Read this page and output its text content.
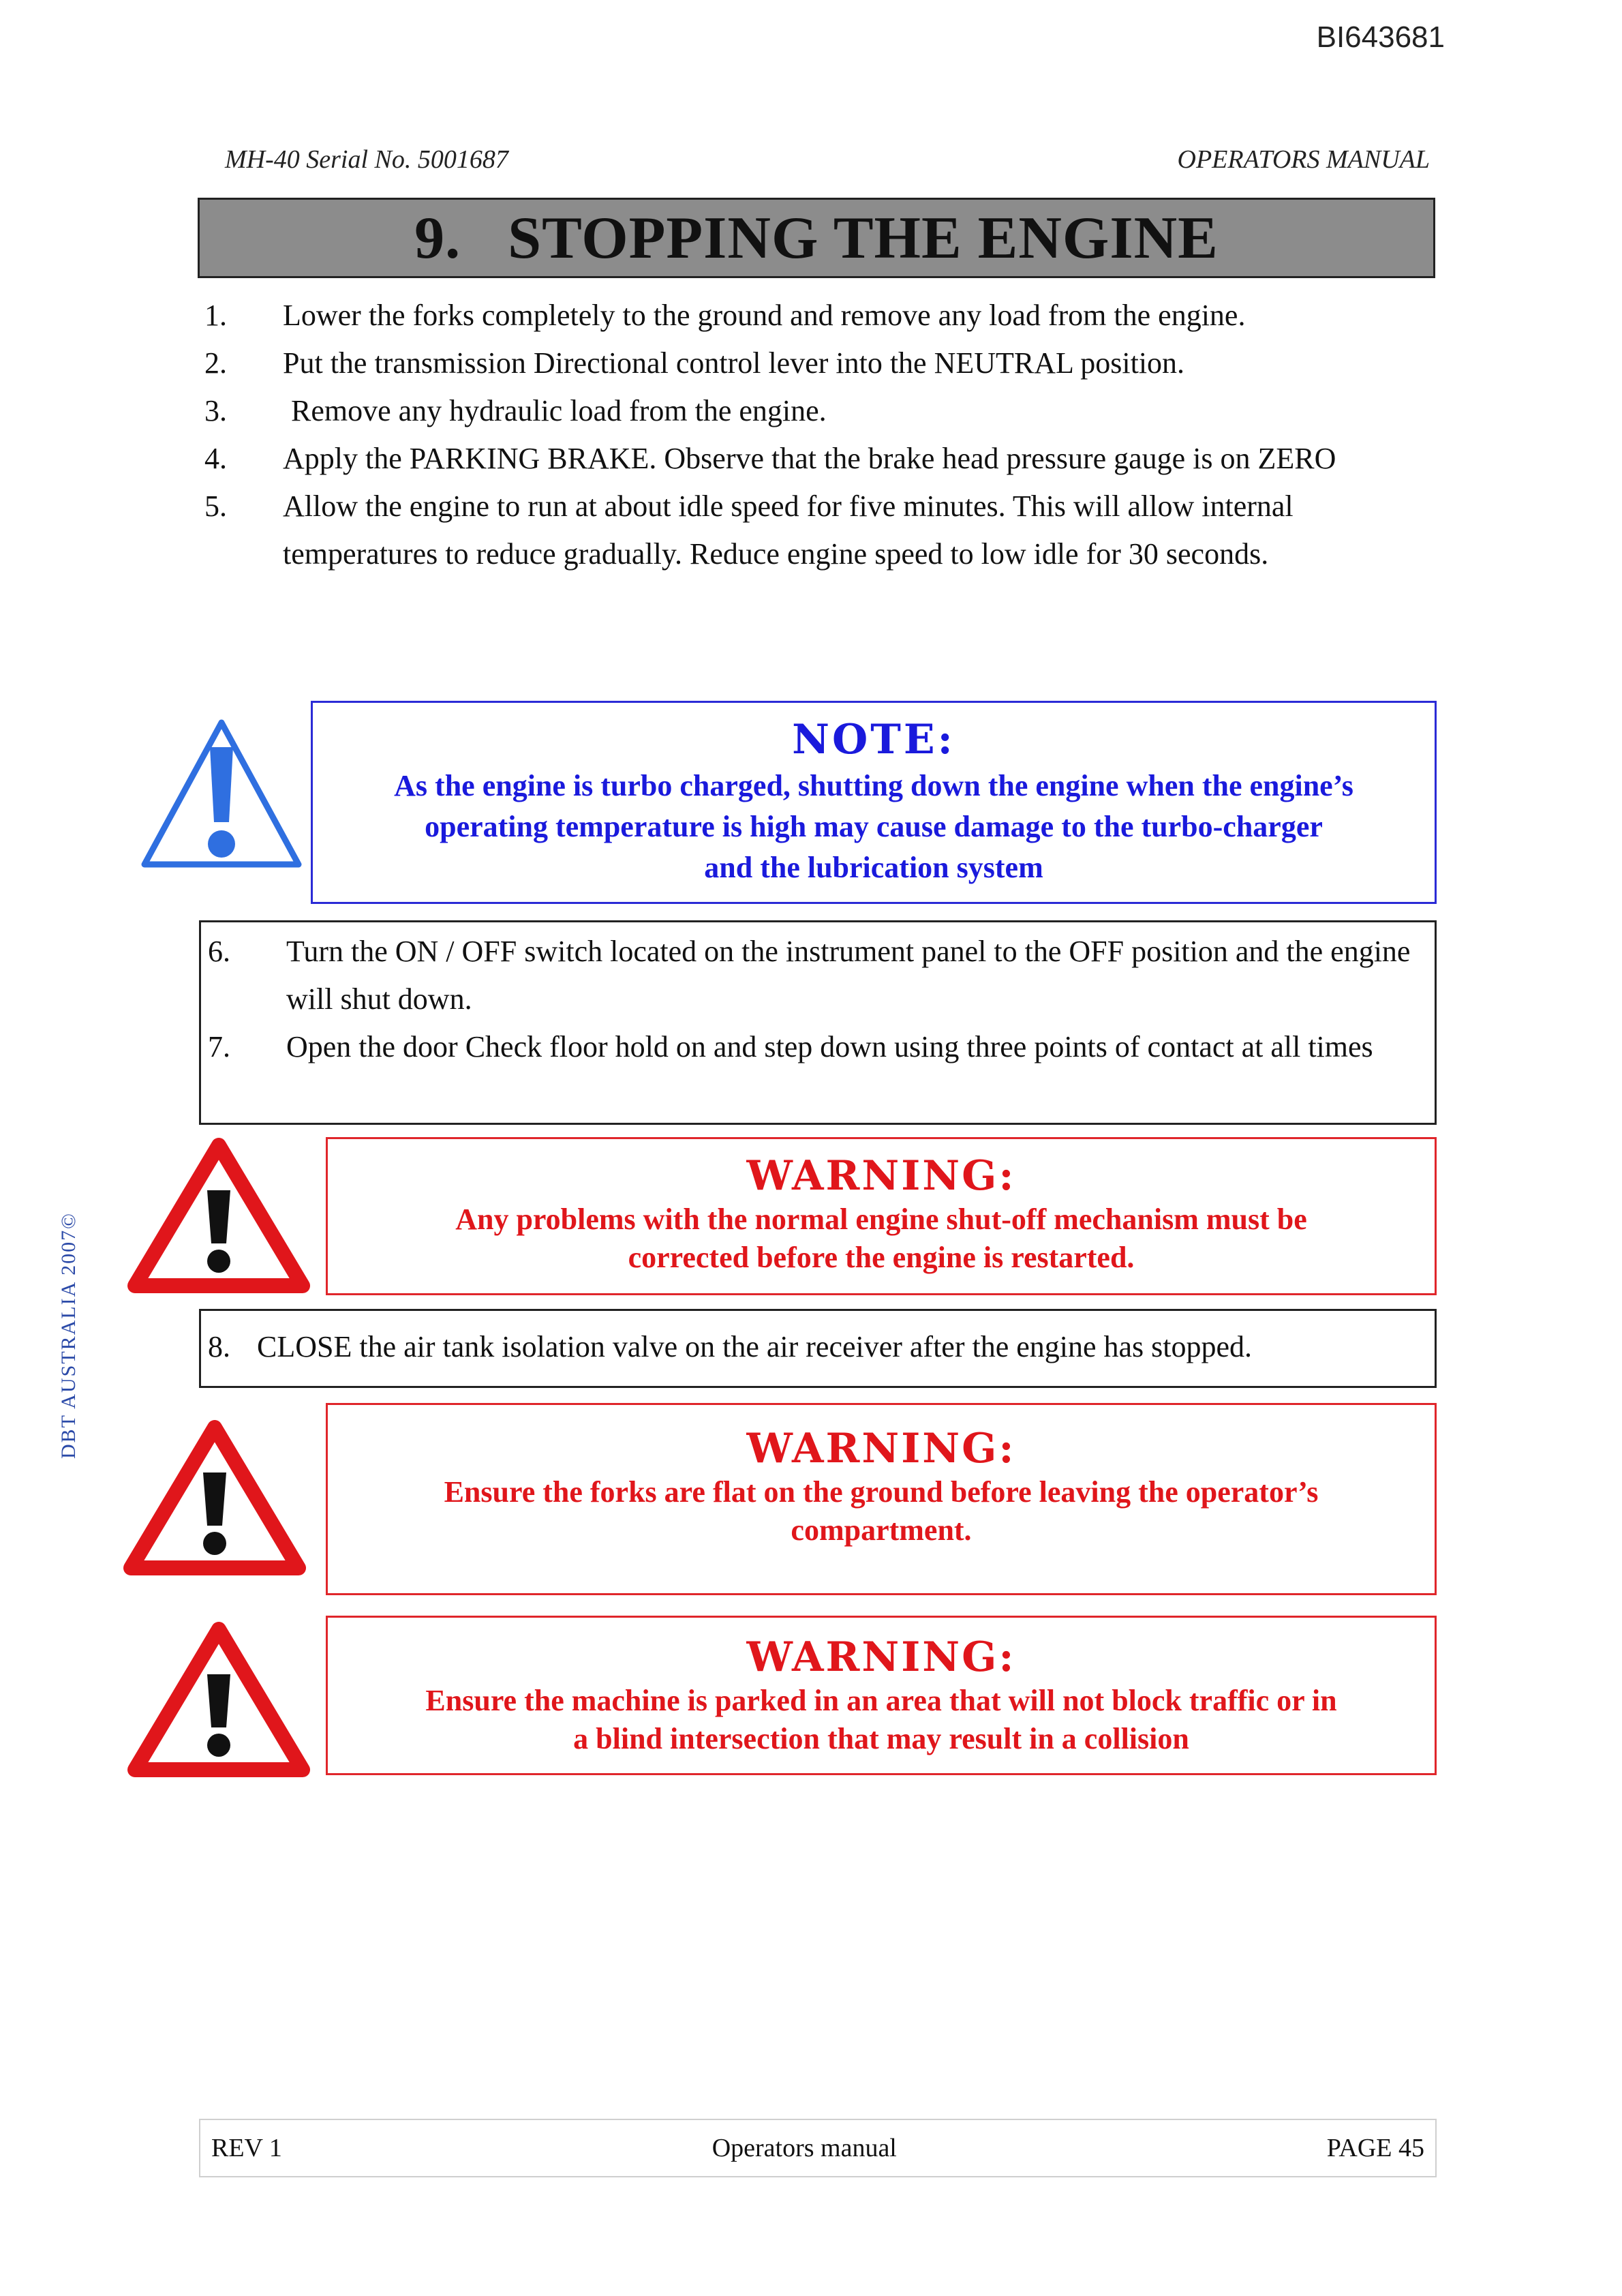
BI643681
MH-40 Serial No. 5001687	OPERATORS MANUAL
9.   STOPPING THE ENGINE
1.	Lower the forks completely to the ground and remove any load from the engine.
2.	Put the transmission Directional control lever into the NEUTRAL position.
3.	Remove any hydraulic load from the engine.
4.	Apply the PARKING BRAKE. Observe that the brake head pressure gauge is on ZERO
5.	Allow the engine to run at about idle speed for five minutes. This will allow internal temperatures to reduce gradually. Reduce engine speed to low idle for 30 seconds.
NOTE:
As the engine is turbo charged, shutting down the engine when the engine’s
operating temperature is high may cause damage to the turbo-charger
and the lubrication system
6.	Turn the ON / OFF switch located on the instrument panel to the OFF position and the engine will shut down.
7.	Open the door Check floor hold on and step down using three points of contact at all times
WARNING:
Any problems with the normal engine shut-off mechanism must be
corrected before the engine is restarted.
DBT AUSTRALIA 2007©	8. CLOSE the air tank isolation valve on the air receiver after the engine has stopped.
WARNING:
Ensure the forks are flat on the ground before leaving the operator’s
compartment.
WARNING:
Ensure the machine is parked in an area that will not block traffic or in
a blind intersection that may result in a collision
REV 1	Operators manual	PAGE 45
